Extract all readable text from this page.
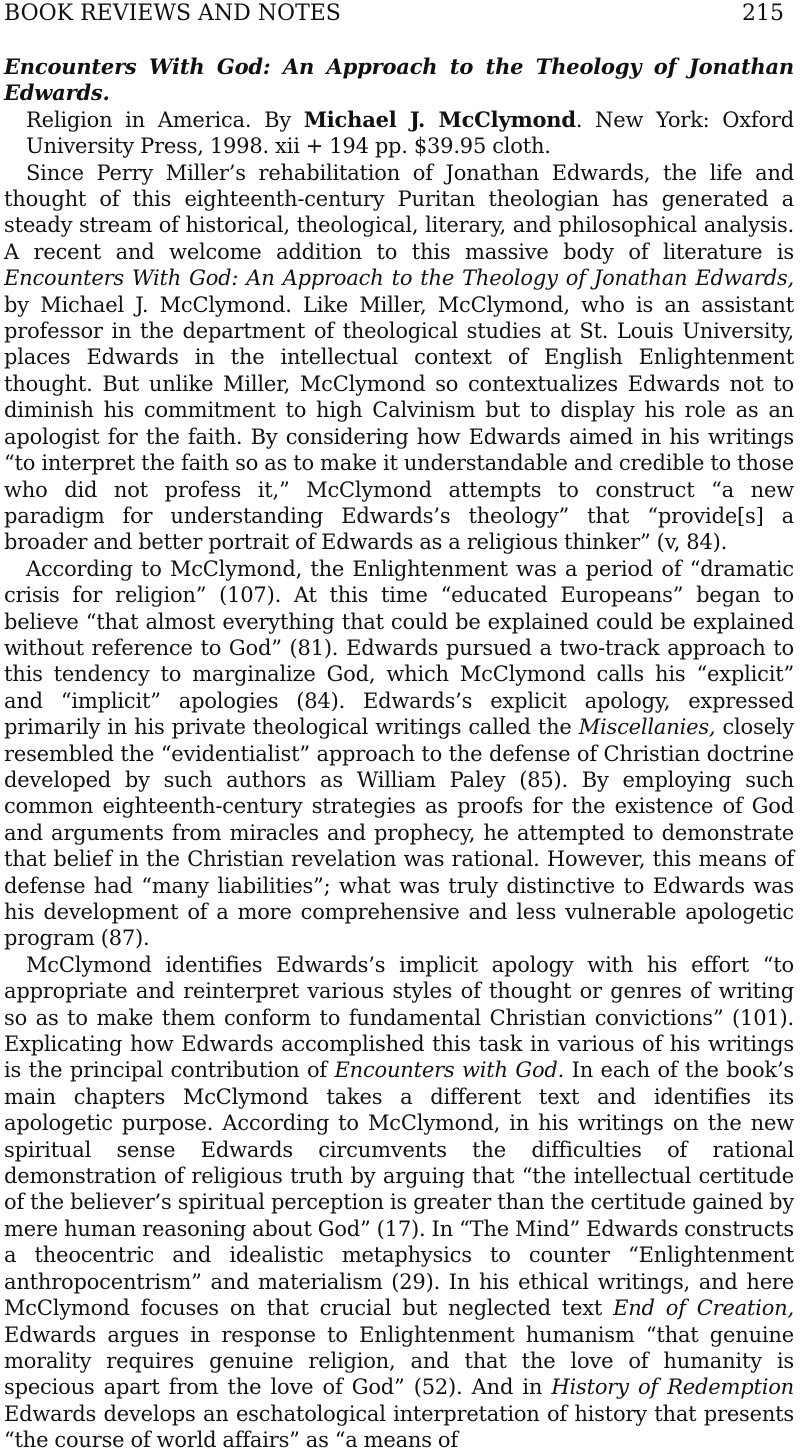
BOOK REVIEWS AND NOTES	215

Encounters With God: An Approach to the Theology of Jonathan Edwards.

Religion in America. By Michael J. McClymond. New York: Oxford University Press, 1998. xii + 194 pp. $39.95 cloth.

Since Perry Miller’s rehabilitation of Jonathan Edwards, the life and thought of this eighteenth-century Puritan theologian has generated a steady stream of historical, theological, literary, and philosophical analysis. A recent and welcome addition to this massive body of literature is Encounters With God: An Approach to the Theology of Jonathan Edwards, by Michael J. McClymond. Like Miller, McClymond, who is an assistant professor in the department of theological studies at St. Louis University, places Edwards in the intellectual context of English Enlightenment thought. But unlike Miller, McClymond so contextualizes Edwards not to diminish his commitment to high Calvinism but to display his role as an apologist for the faith. By considering how Edwards aimed in his writings “to interpret the faith so as to make it understandable and credible to those who did not profess it,” McClymond attempts to construct “a new paradigm for understanding Edwards’s theology” that “provide[s] a broader and better portrait of Edwards as a religious thinker” (v, 84).

According to McClymond, the Enlightenment was a period of “dramatic crisis for religion” (107). At this time “educated Europeans” began to believe “that almost everything that could be explained could be explained without reference to God” (81). Edwards pursued a two-track approach to this tendency to marginalize God, which McClymond calls his “explicit” and “implicit” apologies (84). Edwards’s explicit apology, expressed primarily in his private theological writings called the Miscellanies, closely resembled the “evidentialist” approach to the defense of Christian doctrine developed by such authors as William Paley (85). By employing such common eighteenth-century strategies as proofs for the existence of God and arguments from miracles and prophecy, he attempted to demonstrate that belief in the Christian revelation was rational. However, this means of defense had “many liabilities”; what was truly distinctive to Edwards was his development of a more comprehensive and less vulnerable apologetic program (87).

McClymond identifies Edwards’s implicit apology with his effort “to appropriate and reinterpret various styles of thought or genres of writing so as to make them conform to fundamental Christian convictions” (101). Explicating how Edwards accomplished this task in various of his writings is the principal contribution of Encounters with God. In each of the book’s main chapters McClymond takes a different text and identifies its apologetic purpose. According to McClymond, in his writings on the new spiritual sense Edwards circumvents the difficulties of rational demonstration of religious truth by arguing that “the intellectual certitude of the believer’s spiritual perception is greater than the certitude gained by mere human reasoning about God” (17). In “The Mind” Edwards constructs a theocentric and idealistic metaphysics to counter “Enlightenment anthropocentrism” and materialism (29). In his ethical writings, and here McClymond focuses on that crucial but neglected text End of Creation, Edwards argues in response to Enlightenment humanism “that genuine morality requires genuine religion, and that the love of humanity is specious apart from the love of God” (52). And in History of Redemption Edwards develops an eschatological interpretation of history that presents “the course of world affairs” as “a means of
